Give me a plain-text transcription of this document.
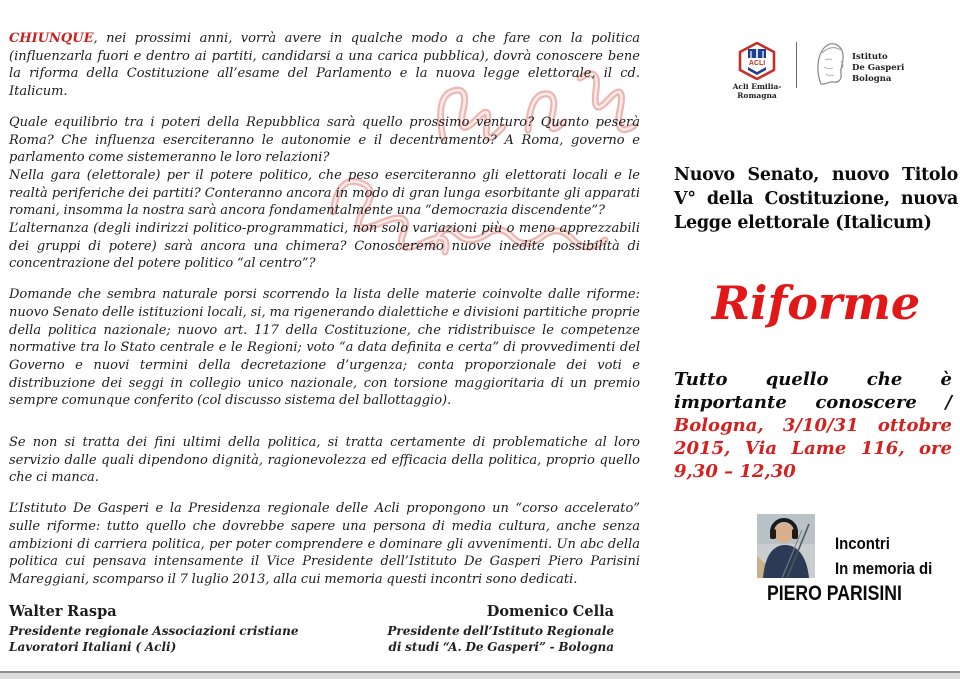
CHIUNQUE, nei prossimi anni, vorrà avere in qualche modo a che fare con la politica (influenzarla fuori e dentro ai partiti, candidarsi a una carica pubblica), dovrà conoscere bene la riforma della Costituzione all’esame del Parlamento e la nuova legge elettorale, il cd. Italicum.

Quale equilibrio tra i poteri della Repubblica sarà quello prossimo venturo? Quanto peserà Roma? Che influenza eserciteranno le autonomie e il decentramento? A Roma, governo e parlamento come sistemeranno le loro relazioni?

Nella gara (elettorale) per il potere politico, che peso eserciteranno gli elettorati locali e le realtà periferiche dei partiti? Conteranno ancora in modo di gran lunga esorbitante gli apparati romani, insomma la nostra sarà ancora fondamentalmente una “democrazia discendente”?

L’alternanza (degli indirizzi politico-programmatici, non solo variazioni più o meno apprezzabili dei gruppi di potere) sarà ancora una chimera? Conosceremo nuove inedite possibilità di concentrazione del potere politico “al centro”?

Domande che sembra naturale porsi scorrendo la lista delle materie coinvolte dalle riforme: nuovo Senato delle istituzioni locali, si, ma rigenerando dialettiche e divisioni partitiche proprie della politica nazionale; nuovo art. 117 della Costituzione, che ridistribuisce le competenze normative tra lo Stato centrale e le Regioni; voto “a data definita e certa” di provvedimenti del Governo e nuovi termini della decretazione d’urgenza; conta proporzionale dei voti e distribuzione dei seggi in collegio unico nazionale, con torsione maggioritaria di un premio sempre comunque conferito (col discusso sistema del ballottaggio).

Se non si tratta dei fini ultimi della politica, si tratta certamente di problematiche al loro servizio dalle quali dipendono dignità, ragionevolezza ed efficacia della politica, proprio quello che ci manca.

L’Istituto De Gasperi e la Presidenza regionale delle Acli propongono un “corso accelerato” sulle riforme: tutto quello che dovrebbe sapere una persona di media cultura, anche senza ambizioni di carriera politica, per poter comprendere e dominare gli avvenimenti. Un abc della politica cui pensava intensamente il Vice Presidente dell’Istituto De Gasperi Piero Parisini Mareggiani, scomparso il 7 luglio 2013, alla cui memoria questi incontri sono dedicati.

Walter Raspa
Presidente regionale Associazioni cristiane
Lavoratori Italiani ( Acli)
Domenico Cella
Presidente dell’Istituto Regionale
di studi “A. De Gasperi” - Bologna
ACLI
Acli Emilia-Romagna
Istituto
De Gasperi
Bologna
Nuovo Senato, nuovo Titolo V° della Costituzione, nuova Legge elettorale (Italicum)
Riforme
Tutto quello che è importante conoscere / Bologna, 3/10/31 ottobre 2015, Via Lame 116, ore 9,30 – 12,30
Incontri
In memoria di
PIERO PARISINI
